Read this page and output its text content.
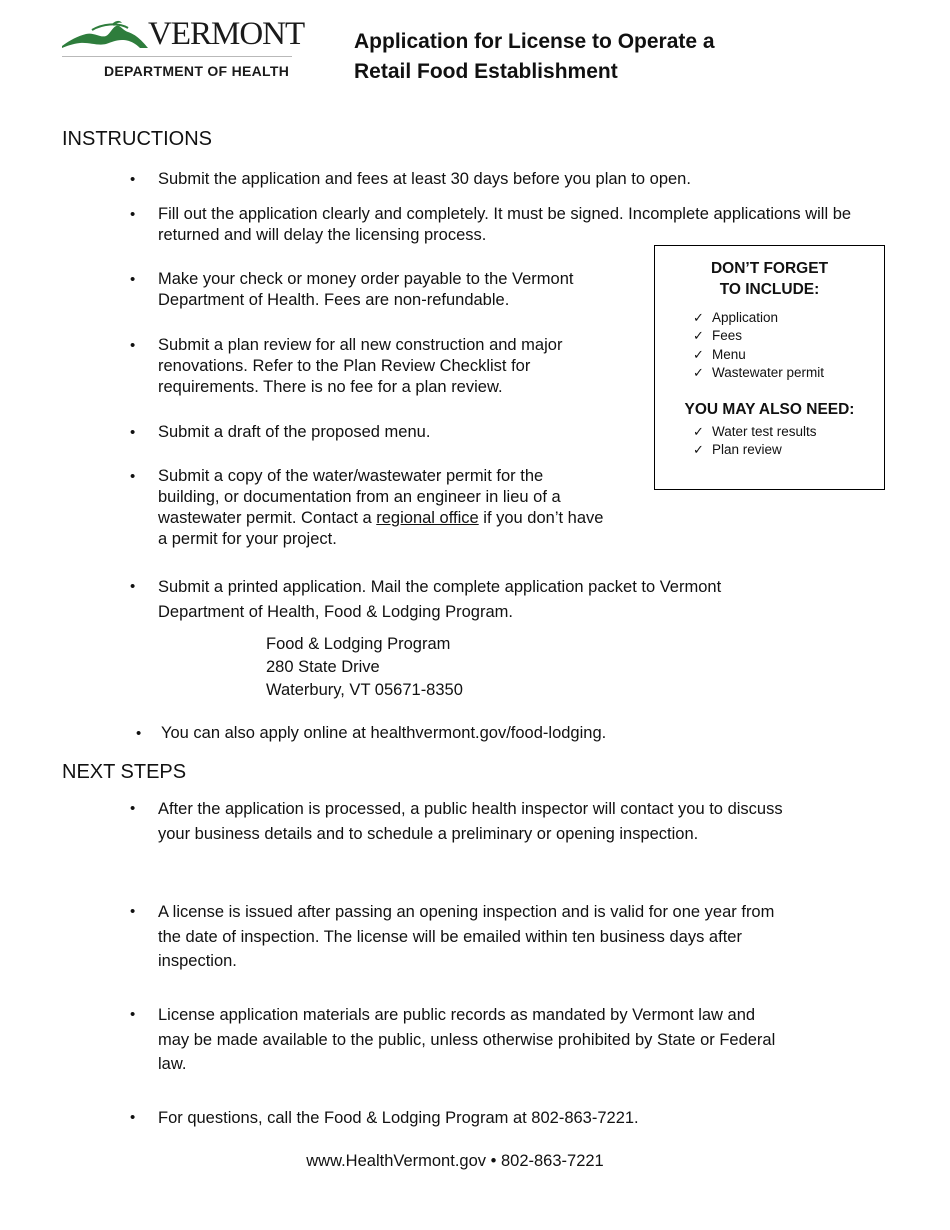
VERMONT
DEPARTMENT OF HEALTH
Application for License to Operate a
Retail Food Establishment
INSTRUCTIONS
• Submit the application and fees at least 30 days before you plan to open.
• Fill out the application clearly and completely. It must be signed. Incomplete applications will be returned and will delay the licensing process.
• Make your check or money order payable to the Vermont Department of Health. Fees are non-refundable.
• Submit a plan review for all new construction and major renovations. Refer to the Plan Review Checklist for requirements. There is no fee for a plan review.
• Submit a draft of the proposed menu.
• Submit a copy of the water/wastewater permit for the building, or documentation from an engineer in lieu of a wastewater permit. Contact a regional office if you don’t have a permit for your project.
• Submit a printed application. Mail the complete application packet to Vermont Department of Health, Food & Lodging Program.
Food & Lodging Program
280 State Drive
Waterbury, VT 05671-8350
• You can also apply online at healthvermont.gov/food-lodging.
DON’T FORGET
TO INCLUDE:
✓ Application
✓ Fees
✓ Menu
✓ Wastewater permit
YOU MAY ALSO NEED:
✓ Water test results
✓ Plan review
NEXT STEPS
• After the application is processed, a public health inspector will contact you to discuss your business details and to schedule a preliminary or opening inspection.
• A license is issued after passing an opening inspection and is valid for one year from the date of inspection. The license will be emailed within ten business days after inspection.
• License application materials are public records as mandated by Vermont law and may be made available to the public, unless otherwise prohibited by State or Federal law.
• For questions, call the Food & Lodging Program at 802-863-7221.
www.HealthVermont.gov • 802-863-7221
